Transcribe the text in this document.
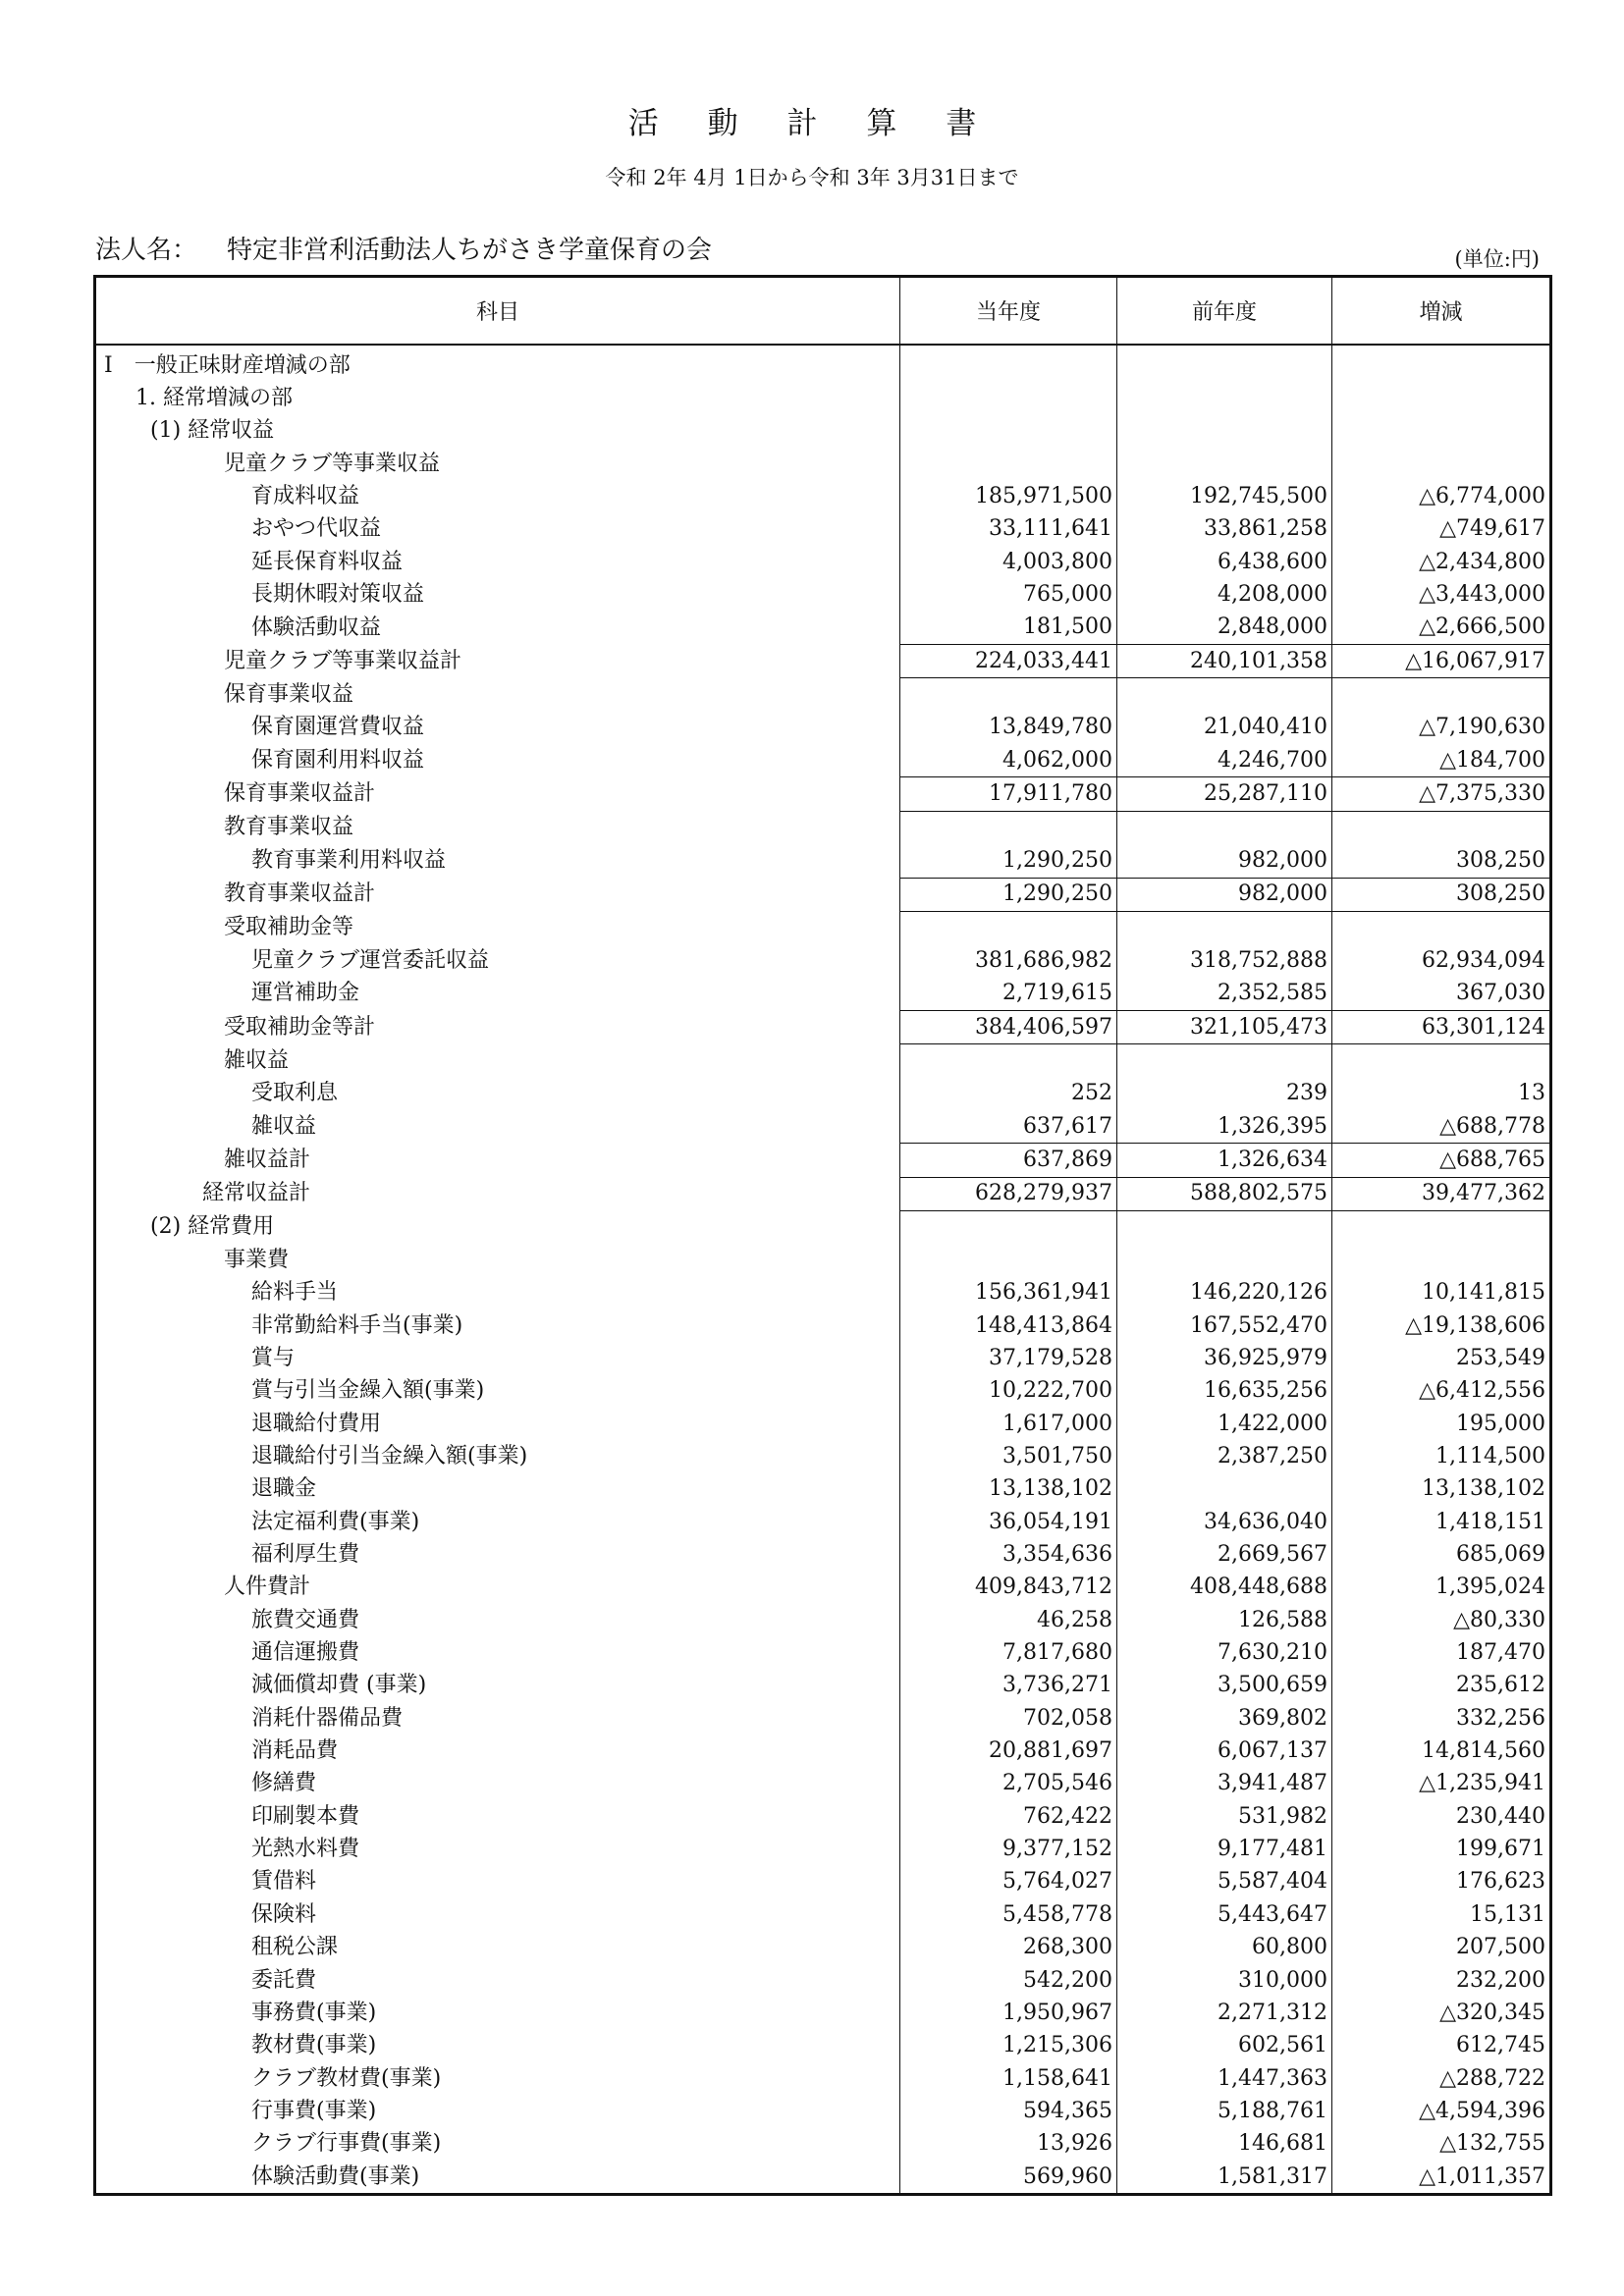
活 動 計 算 書
令和 2年 4月 1日から令和 3年 3月31日まで
法人名： 特定非営利活動法人ちがさき学童保育の会	(単位:円)
科目	当年度	前年度	増減
Ⅰ　一般正味財産増減の部			
1. 経常増減の部			
(1) 経常収益			
児童クラブ等事業収益			
育成料収益	185,971,500	192,745,500	△6,774,000
おやつ代収益	33,111,641	33,861,258	△749,617
延長保育料収益	4,003,800	6,438,600	△2,434,800
長期休暇対策収益	765,000	4,208,000	△3,443,000
体験活動収益	181,500	2,848,000	△2,666,500
児童クラブ等事業収益計	224,033,441	240,101,358	△16,067,917
保育事業収益			
保育園運営費収益	13,849,780	21,040,410	△7,190,630
保育園利用料収益	4,062,000	4,246,700	△184,700
保育事業収益計	17,911,780	25,287,110	△7,375,330
教育事業収益			
教育事業利用料収益	1,290,250	982,000	308,250
教育事業収益計	1,290,250	982,000	308,250
受取補助金等			
児童クラブ運営委託収益	381,686,982	318,752,888	62,934,094
運営補助金	2,719,615	2,352,585	367,030
受取補助金等計	384,406,597	321,105,473	63,301,124
雑収益			
受取利息	252	239	13
雑収益	637,617	1,326,395	△688,778
雑収益計	637,869	1,326,634	△688,765
経常収益計	628,279,937	588,802,575	39,477,362
(2) 経常費用			
事業費			
給料手当	156,361,941	146,220,126	10,141,815
非常勤給料手当(事業)	148,413,864	167,552,470	△19,138,606
賞与	37,179,528	36,925,979	253,549
賞与引当金繰入額(事業)	10,222,700	16,635,256	△6,412,556
退職給付費用	1,617,000	1,422,000	195,000
退職給付引当金繰入額(事業)	3,501,750	2,387,250	1,114,500
退職金	13,138,102		13,138,102
法定福利費(事業)	36,054,191	34,636,040	1,418,151
福利厚生費	3,354,636	2,669,567	685,069
人件費計	409,843,712	408,448,688	1,395,024
旅費交通費	46,258	126,588	△80,330
通信運搬費	7,817,680	7,630,210	187,470
減価償却費 (事業)	3,736,271	3,500,659	235,612
消耗什器備品費	702,058	369,802	332,256
消耗品費	20,881,697	6,067,137	14,814,560
修繕費	2,705,546	3,941,487	△1,235,941
印刷製本費	762,422	531,982	230,440
光熱水料費	9,377,152	9,177,481	199,671
賃借料	5,764,027	5,587,404	176,623
保険料	5,458,778	5,443,647	15,131
租税公課	268,300	60,800	207,500
委託費	542,200	310,000	232,200
事務費(事業)	1,950,967	2,271,312	△320,345
教材費(事業)	1,215,306	602,561	612,745
クラブ教材費(事業)	1,158,641	1,447,363	△288,722
行事費(事業)	594,365	5,188,761	△4,594,396
クラブ行事費(事業)	13,926	146,681	△132,755
体験活動費(事業)	569,960	1,581,317	△1,011,357
